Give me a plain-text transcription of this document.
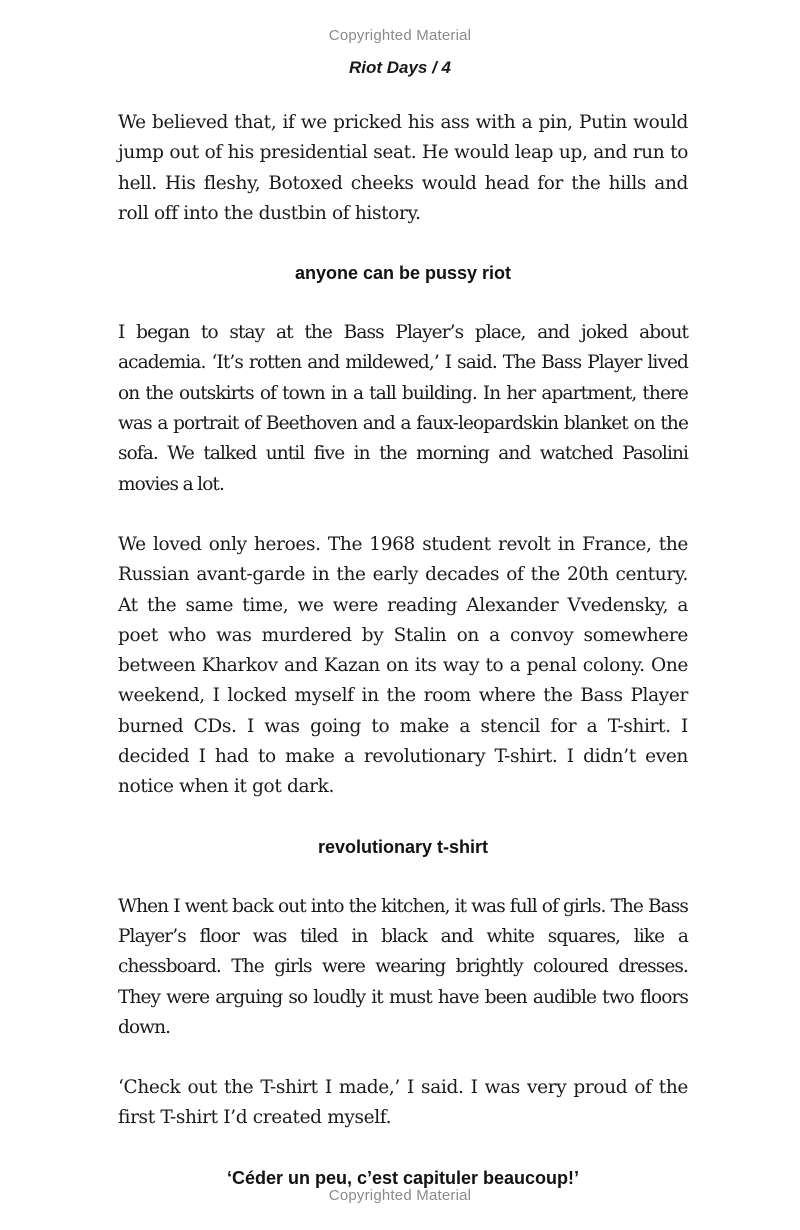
Copyrighted Material
Riot Days / 4

We believed that, if we pricked his ass with a pin, Putin would jump out of his presidential seat. He would leap up, and run to hell. His fleshy, Botoxed cheeks would head for the hills and roll off into the dustbin of history.

anyone can be pussy riot

I began to stay at the Bass Player’s place, and joked about academia. ‘It’s rotten and mildewed,’ I said. The Bass Player lived on the outskirts of town in a tall building. In her apartment, there was a portrait of Beethoven and a faux-leopardskin blanket on the sofa. We talked until five in the morning and watched Pasolini movies a lot.

We loved only heroes. The 1968 student revolt in France, the Russian avant-garde in the early decades of the 20th century. At the same time, we were reading Alexander Vvedensky, a poet who was murdered by Stalin on a convoy somewhere between Kharkov and Kazan on its way to a penal colony. One weekend, I locked myself in the room where the Bass Player burned CDs. I was going to make a stencil for a T-shirt. I decided I had to make a revolutionary T-shirt. I didn’t even notice when it got dark.

revolutionary t-shirt

When I went back out into the kitchen, it was full of girls. The Bass Player’s floor was tiled in black and white squares, like a chessboard. The girls were wearing brightly coloured dresses. They were arguing so loudly it must have been audible two floors down.

‘Check out the T-shirt I made,’ I said. I was very proud of the first T-shirt I’d created myself.

‘Céder un peu, c’est capituler beaucoup!’

Copyrighted Material
